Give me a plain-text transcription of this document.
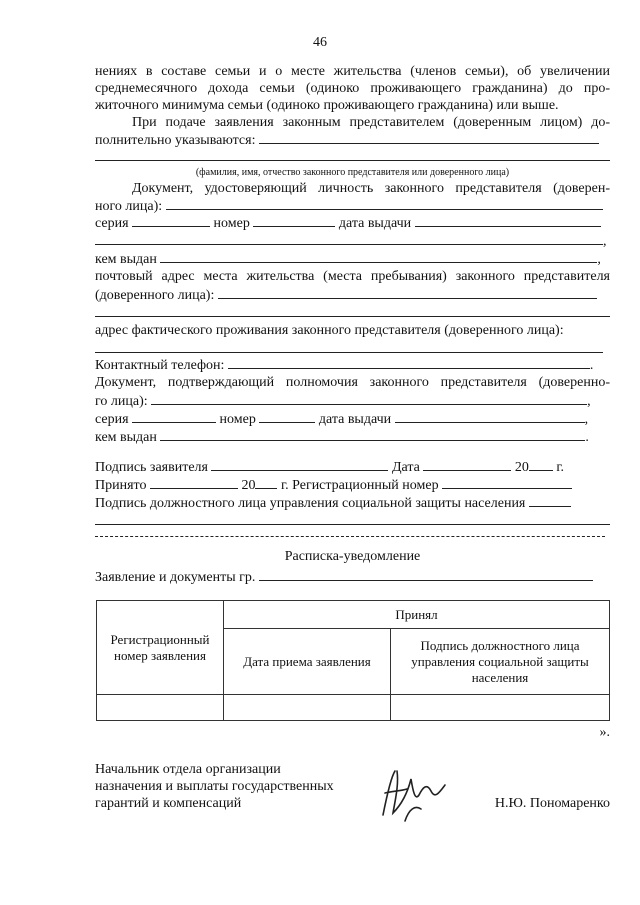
46
нениях в составе семьи и о месте жительства (членов семьи), об увеличении
среднемесячного дохода семьи (одиноко проживающего гражданина) до про-
житочного минимума семьи (одиноко проживающего гражданина) или выше.
При подаче заявления законным представителем (доверенным лицом) до-
полнительно указываются:
(фамилия, имя, отчество законного представителя или доверенного лица)
Документ, удостоверяющий личность законного представителя (доверен-
ного лица):
серия	номер	дата выдачи
,
кем выдан	,
почтовый адрес места жительства (места пребывания) законного представителя
(доверенного лица):
адрес фактического проживания законного представителя (доверенного лица):
Контактный телефон:	.
Документ, подтверждающий полномочия законного представителя (доверенно-
го лица):	,
серия	номер	дата выдачи	,
кем выдан	.
Подпись заявителя	Дата	20 г.
Принято	20 г. Регистрационный номер
Подпись должностного лица управления социальной защиты населения
Расписка-уведомление
Заявление и документы гр.
Регистрационный номер заявления	Принял	
	Дата приема заявления	Подпись должностного лица управления социальной защиты населения

».
Начальник отдела организации
назначения и выплаты государственных
гарантий и компенсаций	Н.Ю. Пономаренко
